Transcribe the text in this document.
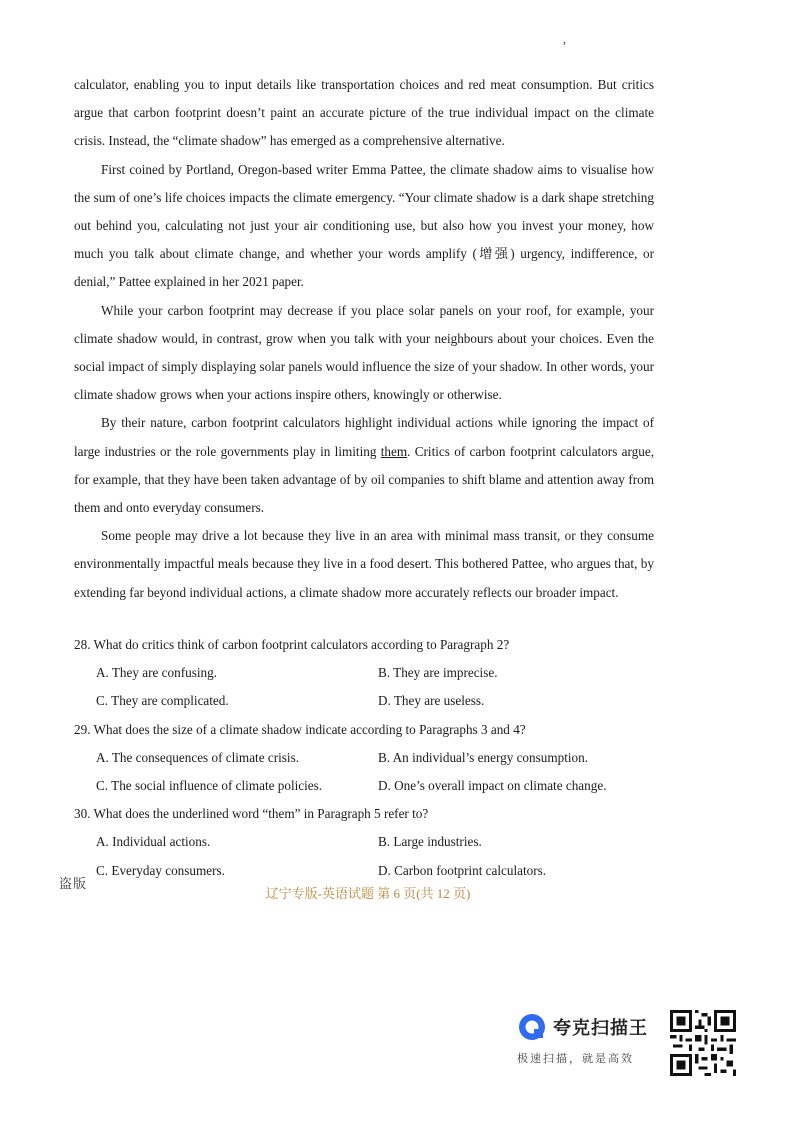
,

calculator, enabling you to input details like transportation choices and red meat consumption. But critics argue that carbon footprint doesn’t paint an accurate picture of the true individual impact on the climate crisis. Instead, the “climate shadow” has emerged as a comprehensive alternative.

First coined by Portland, Oregon-based writer Emma Pattee, the climate shadow aims to visualise how the sum of one’s life choices impacts the climate emergency. “Your climate shadow is a dark shape stretching out behind you, calculating not just your air conditioning use, but also how you invest your money, how much you talk about climate change, and whether your words amplify (增强) urgency, indifference, or denial,” Pattee explained in her 2021 paper.

While your carbon footprint may decrease if you place solar panels on your roof, for example, your climate shadow would, in contrast, grow when you talk with your neighbours about your choices. Even the social impact of simply displaying solar panels would influence the size of your shadow. In other words, your climate shadow grows when your actions inspire others, knowingly or otherwise.

By their nature, carbon footprint calculators highlight individual actions while ignoring the impact of large industries or the role governments play in limiting them. Critics of carbon footprint calculators argue, for example, that they have been taken advantage of by oil companies to shift blame and attention away from them and onto everyday consumers.

Some people may drive a lot because they live in an area with minimal mass transit, or they consume environmentally impactful meals because they live in a food desert. This bothered Pattee, who argues that, by extending far beyond individual actions, a climate shadow more accurately reflects our broader impact.

28. What do critics think of carbon footprint calculators according to Paragraph 2?

A. They are confusing.	B. They are imprecise.
C. They are complicated.	D. They are useless.

29. What does the size of a climate shadow indicate according to Paragraphs 3 and 4?

A. The consequences of climate crisis.	B. An individual’s energy consumption.
C. The social influence of climate policies.	D. One’s overall impact on climate change.

30. What does the underlined word “them” in Paragraph 5 refer to?

A. Individual actions.	B. Large industries.
C. Everyday consumers.	D. Carbon footprint calculators.
盗版
辽宁专版-英语试题 第 6 页(共 12 页)
夸克扫描王
极速扫描，就是高效
